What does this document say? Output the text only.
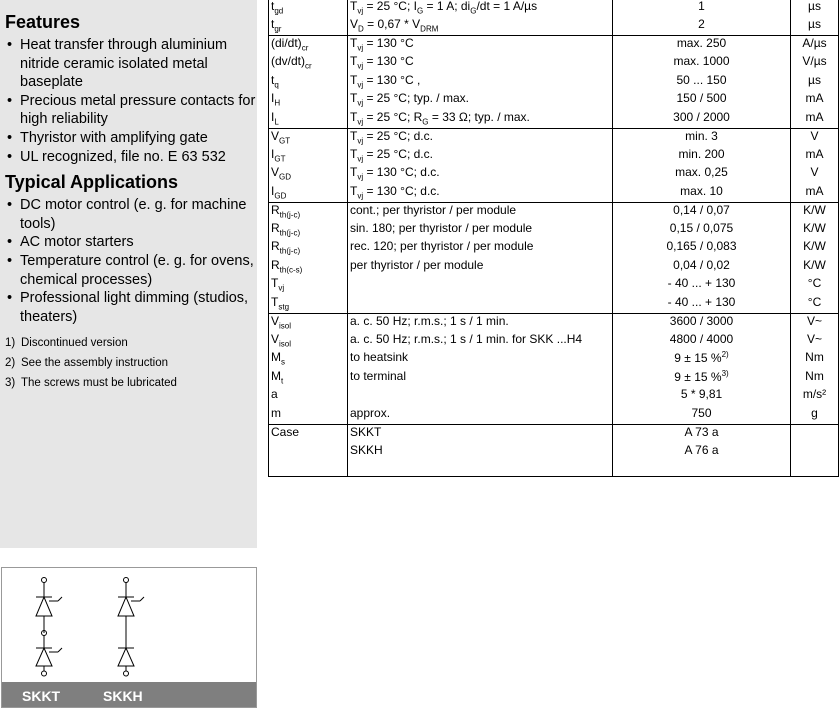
Features
• Heat transfer through aluminium nitride ceramic isolated metal baseplate
• Precious metal pressure contacts for high reliability
• Thyristor with amplifying gate
• UL recognized, file no. E 63 532
Typical Applications
• DC motor control (e. g. for machine tools)
• AC motor starters
• Temperature control (e. g. for ovens, chemical processes)
• Professional light dimming (studios, theaters)
1) Discontinued version
2) See the assembly instruction
3) The screws must be lubricated
$t_{gd}$	$T_{vj} = 25$ °C; $I_G = 1$ A; $di_G/dt = 1$ A/µs	1	µs
$t_{gr}$	$V_D = 0,67 * V_{DRM}$	2	µs
$(di/dt)_{cr}$	$T_{vj} = 130$ °C	max. 250	A/µs
$(dv/dt)_{cr}$	$T_{vj} = 130$ °C	max. 1000	V/µs
$t_q$	$T_{vj} = 130$ °C ,	50 ... 150	µs
$I_H$	$T_{vj} = 25$ °C; typ. / max.	150 / 500	mA
$I_L$	$T_{vj} = 25$ °C; $R_G = 33$ Ω; typ. / max.	300 / 2000	mA
$V_{GT}$	$T_{vj} = 25$ °C; d.c.	min. 3	V
$I_{GT}$	$T_{vj} = 25$ °C; d.c.	min. 200	mA
$V_{GD}$	$T_{vj} = 130$ °C; d.c.	max. 0,25	V
$I_{GD}$	$T_{vj} = 130$ °C; d.c.	max. 10	mA
$R_{th(j-c)}$	cont.; per thyristor / per module	0,14 / 0,07	K/W
$R_{th(j-c)}$	sin. 180; per thyristor / per module	0,15 / 0,075	K/W
$R_{th(j-c)}$	rec. 120; per thyristor / per module	0,165 / 0,083	K/W
$R_{th(c-s)}$	per thyristor / per module	0,04 / 0,02	K/W
$T_{vj}$		- 40 ... + 130	°C
$T_{stg}$		- 40 ... + 130	°C
$V_{isol}$	a. c. 50 Hz; r.m.s.; 1 s / 1 min.	3600 / 3000	V~
$V_{isol}$	a. c. 50 Hz; r.m.s.; 1 s / 1 min. for SKK ...H4	4800 / 4000	V~
$M_s$	to heatsink	9 ± 15 %$^{2)}$	Nm
$M_t$	to terminal	9 ± 15 %$^{3)}$	Nm
a		5 * 9,81	m/s²
m	approx.	750	g
Case	SKKT	A 73 a	
	SKKH	A 76 a	
SKKT	SKKH
